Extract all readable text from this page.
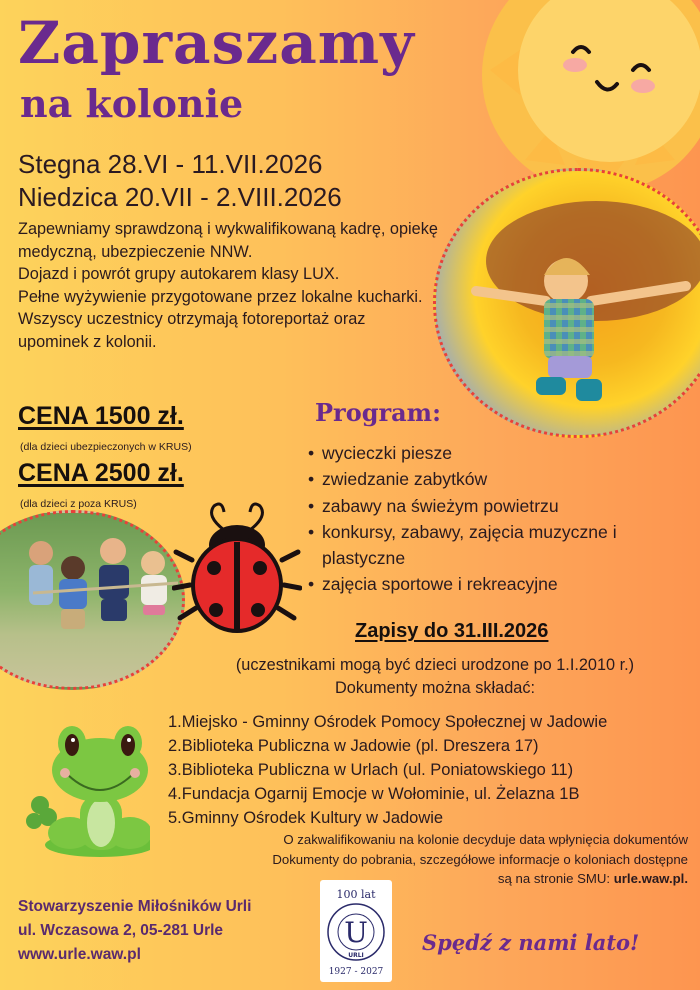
Zapraszamy
na kolonie
Stegna 28.VI - 11.VII.2026
Niedzica 20.VII - 2.VIII.2026

Zapewniamy sprawdzoną i wykwalifikowaną kadrę, opiekę medyczną, ubezpieczenie NNW.

Dojazd i powrót grupy autokarem klasy LUX.

Pełne wyżywienie przygotowane przez lokalne kucharki.

Wszyscy uczestnicy otrzymają fotoreportaż oraz upominek z kolonii.

CENA 1500 zł.
(dla dzieci ubezpieczonych w KRUS)
CENA 2500 zł.
(dla dzieci z poza KRUS)
Program:
• wycieczki piesze
• zwiedzanie zabytków
• zabawy na świeżym powietrzu
• konkursy, zabawy, zajęcia muzyczne i plastyczne
• zajęcia sportowe i rekreacyjne
Zapisy do 31.III.2026
(uczestnikami mogą być dzieci urodzone po 1.I.2010 r.)
Dokumenty można składać:
1.Miejsko - Gminny Ośrodek Pomocy Społecznej w Jadowie
2.Biblioteka Publiczna w Jadowie (pl. Dreszera 17)
3.Biblioteka Publiczna w Urlach (ul. Poniatowskiego 11)
4.Fundacja Ogarnij Emocje w Wołominie, ul. Żelazna 1B
5.Gminny Ośrodek Kultury w Jadowie
O zakwalifikowaniu na kolonie decyduje data wpłynięcia dokumentów
Dokumenty do pobrania, szczegółowe informacje o koloniach dostępne
są na stronie SMU: urle.waw.pl.
Stowarzyszenie Miłośników Urli
ul. Wczasowa 2, 05-281 Urle
www.urle.waw.pl
100 lat
U
URLI
1927 - 2027
Spędź z nami lato!
